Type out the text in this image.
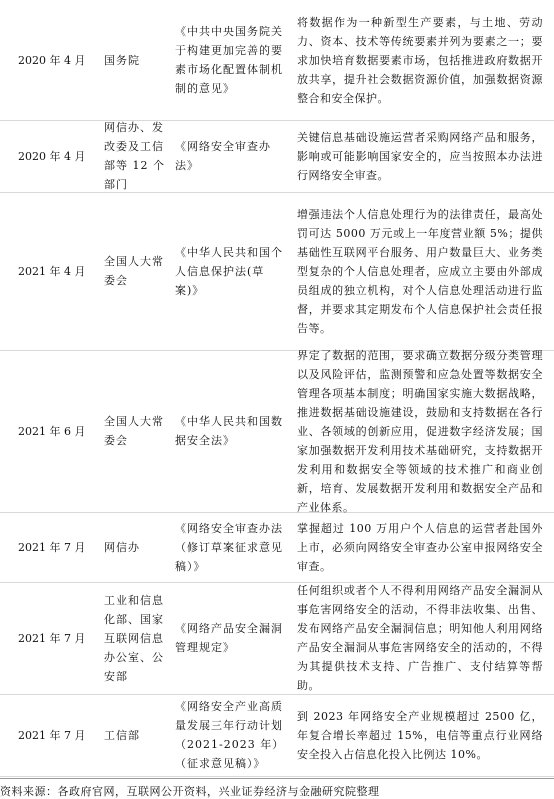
2020 年 4 月 国务院
《中共中央国务院关于构建更加完善的要素市场化配置体制机制的意见》
将数据作为一种新型生产要素，与土地、劳动力、资本、技术等传统要素并列为要素之一；要求加快培育数据要素市场，包括推进政府数据开放共享，提升社会数据资源价值，加强数据资源整合和安全保护。
2020 年 4 月
网信办、发改委及工信部等 12 个部门
《网络安全审查办法》
关键信息基础设施运营者采购网络产品和服务，影响或可能影响国家安全的，应当按照本办法进行网络安全审查。
2021 年 4 月
全国人大常委会
《中华人民共和国个人信息保护法(草案)》
增强违法个人信息处理行为的法律责任，最高处罚可达 5000 万元或上一年度营业额 5%；提供基础性互联网平台服务、用户数量巨大、业务类型复杂的个人信息处理者，应成立主要由外部成员组成的独立机构，对个人信息处理活动进行监督，并要求其定期发布个人信息保护社会责任报告等。
2021 年 6 月
全国人大常委会
《中华人民共和国数据安全法》
界定了数据的范围，要求确立数据分级分类管理以及风险评估，监测预警和应急处置等数据安全管理各项基本制度；明确国家实施大数据战略，推进数据基础设施建设，鼓励和支持数据在各行业、各领域的创新应用，促进数字经济发展；国家加强数据开发利用技术基础研究，支持数据开发利用和数据安全等领域的技术推广和商业创新，培育、发展数据开发利用和数据安全产品和产业体系。
2021 年 7 月 网信办
《网络安全审查办法（修订草案征求意见稿）》
掌握超过 100 万用户个人信息的运营者赴国外上市，必须向网络安全审查办公室申报网络安全审查。
2021 年 7 月
工业和信息化部、国家互联网信息办公室、公安部
《网络产品安全漏洞管理规定》
任何组织或者个人不得利用网络产品安全漏洞从事危害网络安全的活动，不得非法收集、出售、发布网络产品安全漏洞信息；明知他人利用网络产品安全漏洞从事危害网络安全的活动的，不得为其提供技术支持、广告推广、支付结算等帮助。
2021 年 7 月 工信部
《网络安全产业高质量发展三年行动计划（2021-2023 年）（征求意见稿）》
到 2023 年网络安全产业规模超过 2500 亿，年复合增长率超过 15%，电信等重点行业网络安全投入占信息化投入比例达 10%。
资料来源：各政府官网，互联网公开资料，兴业证券经济与金融研究院整理
